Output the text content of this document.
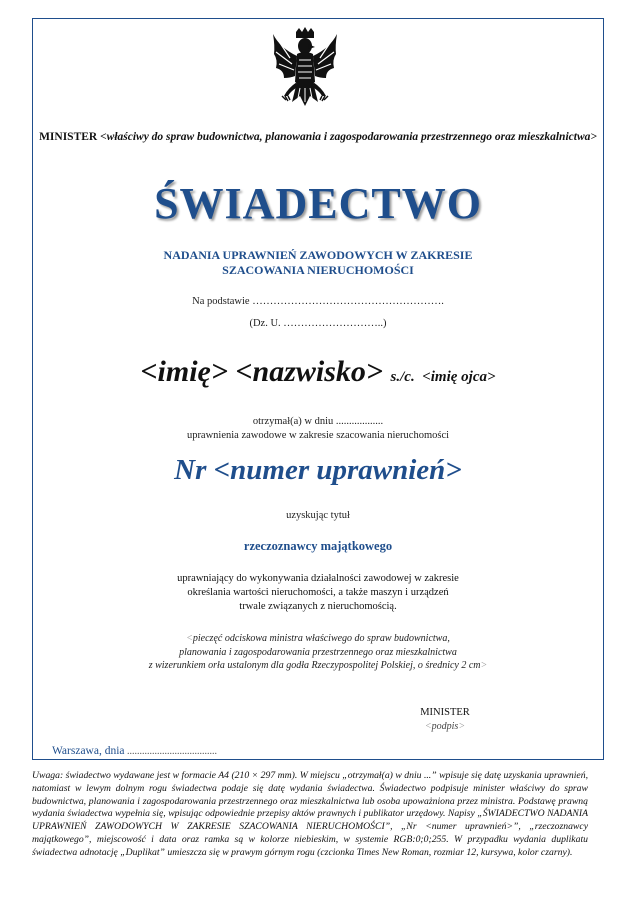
MINISTER <właściwy do spraw budownictwa, planowania i zagospodarowania przestrzennego oraz mieszkalnictwa>
ŚWIADECTWO
NADANIA UPRAWNIEŃ ZAWODOWYCH W ZAKRESIE
SZACOWANIA NIERUCHOMOŚCI
Na podstawie ……………………………………………….
(Dz. U. ………………………..)
<imię> <nazwisko> s./c. <imię ojca>
otrzymał(a) w dniu ..................
uprawnienia zawodowe w zakresie szacowania nieruchomości
Nr <numer uprawnień>
uzyskując tytuł
rzeczoznawcy majątkowego
uprawniający do wykonywania działalności zawodowej w zakresie
określania wartości nieruchomości, a także maszyn i urządzeń
trwale związanych z nieruchomością.
<pieczęć odciskowa ministra właściwego do spraw budownictwa,
planowania i zagospodarowania przestrzennego oraz mieszkalnictwa
z wizerunkiem orła ustalonym dla godła Rzeczypospolitej Polskiej, o średnicy 2 cm>
MINISTER
<podpis>
Warszawa, dnia ....................................
Uwaga: świadectwo wydawane jest w formacie A4 (210 × 297 mm). W miejscu „otrzymał(a) w dniu ...” wpisuje się datę uzyskania uprawnień, natomiast w lewym dolnym rogu świadectwa podaje się datę wydania świadectwa. Świadectwo podpisuje minister właściwy do spraw budownictwa, planowania i zagospodarowania przestrzennego oraz mieszkalnictwa lub osoba upoważniona przez ministra. Podstawę prawną wydania świadectwa wypełnia się, wpisując odpowiednie przepisy aktów prawnych i publikator urzędowy. Napisy „ŚWIADECTWO NADANIA UPRAWNIEŃ ZAWODOWYCH W ZAKRESIE SZACOWANIA NIERUCHOMOŚCI”, „Nr <numer uprawnień>”, „rzeczoznawcy majątkowego”, miejscowość i data oraz ramka są w kolorze niebieskim, w systemie RGB:0;0;255. W przypadku wydania duplikatu świadectwa adnotację „Duplikat” umieszcza się w prawym górnym rogu (czcionka Times New Roman, rozmiar 12, kursywa, kolor czarny).
